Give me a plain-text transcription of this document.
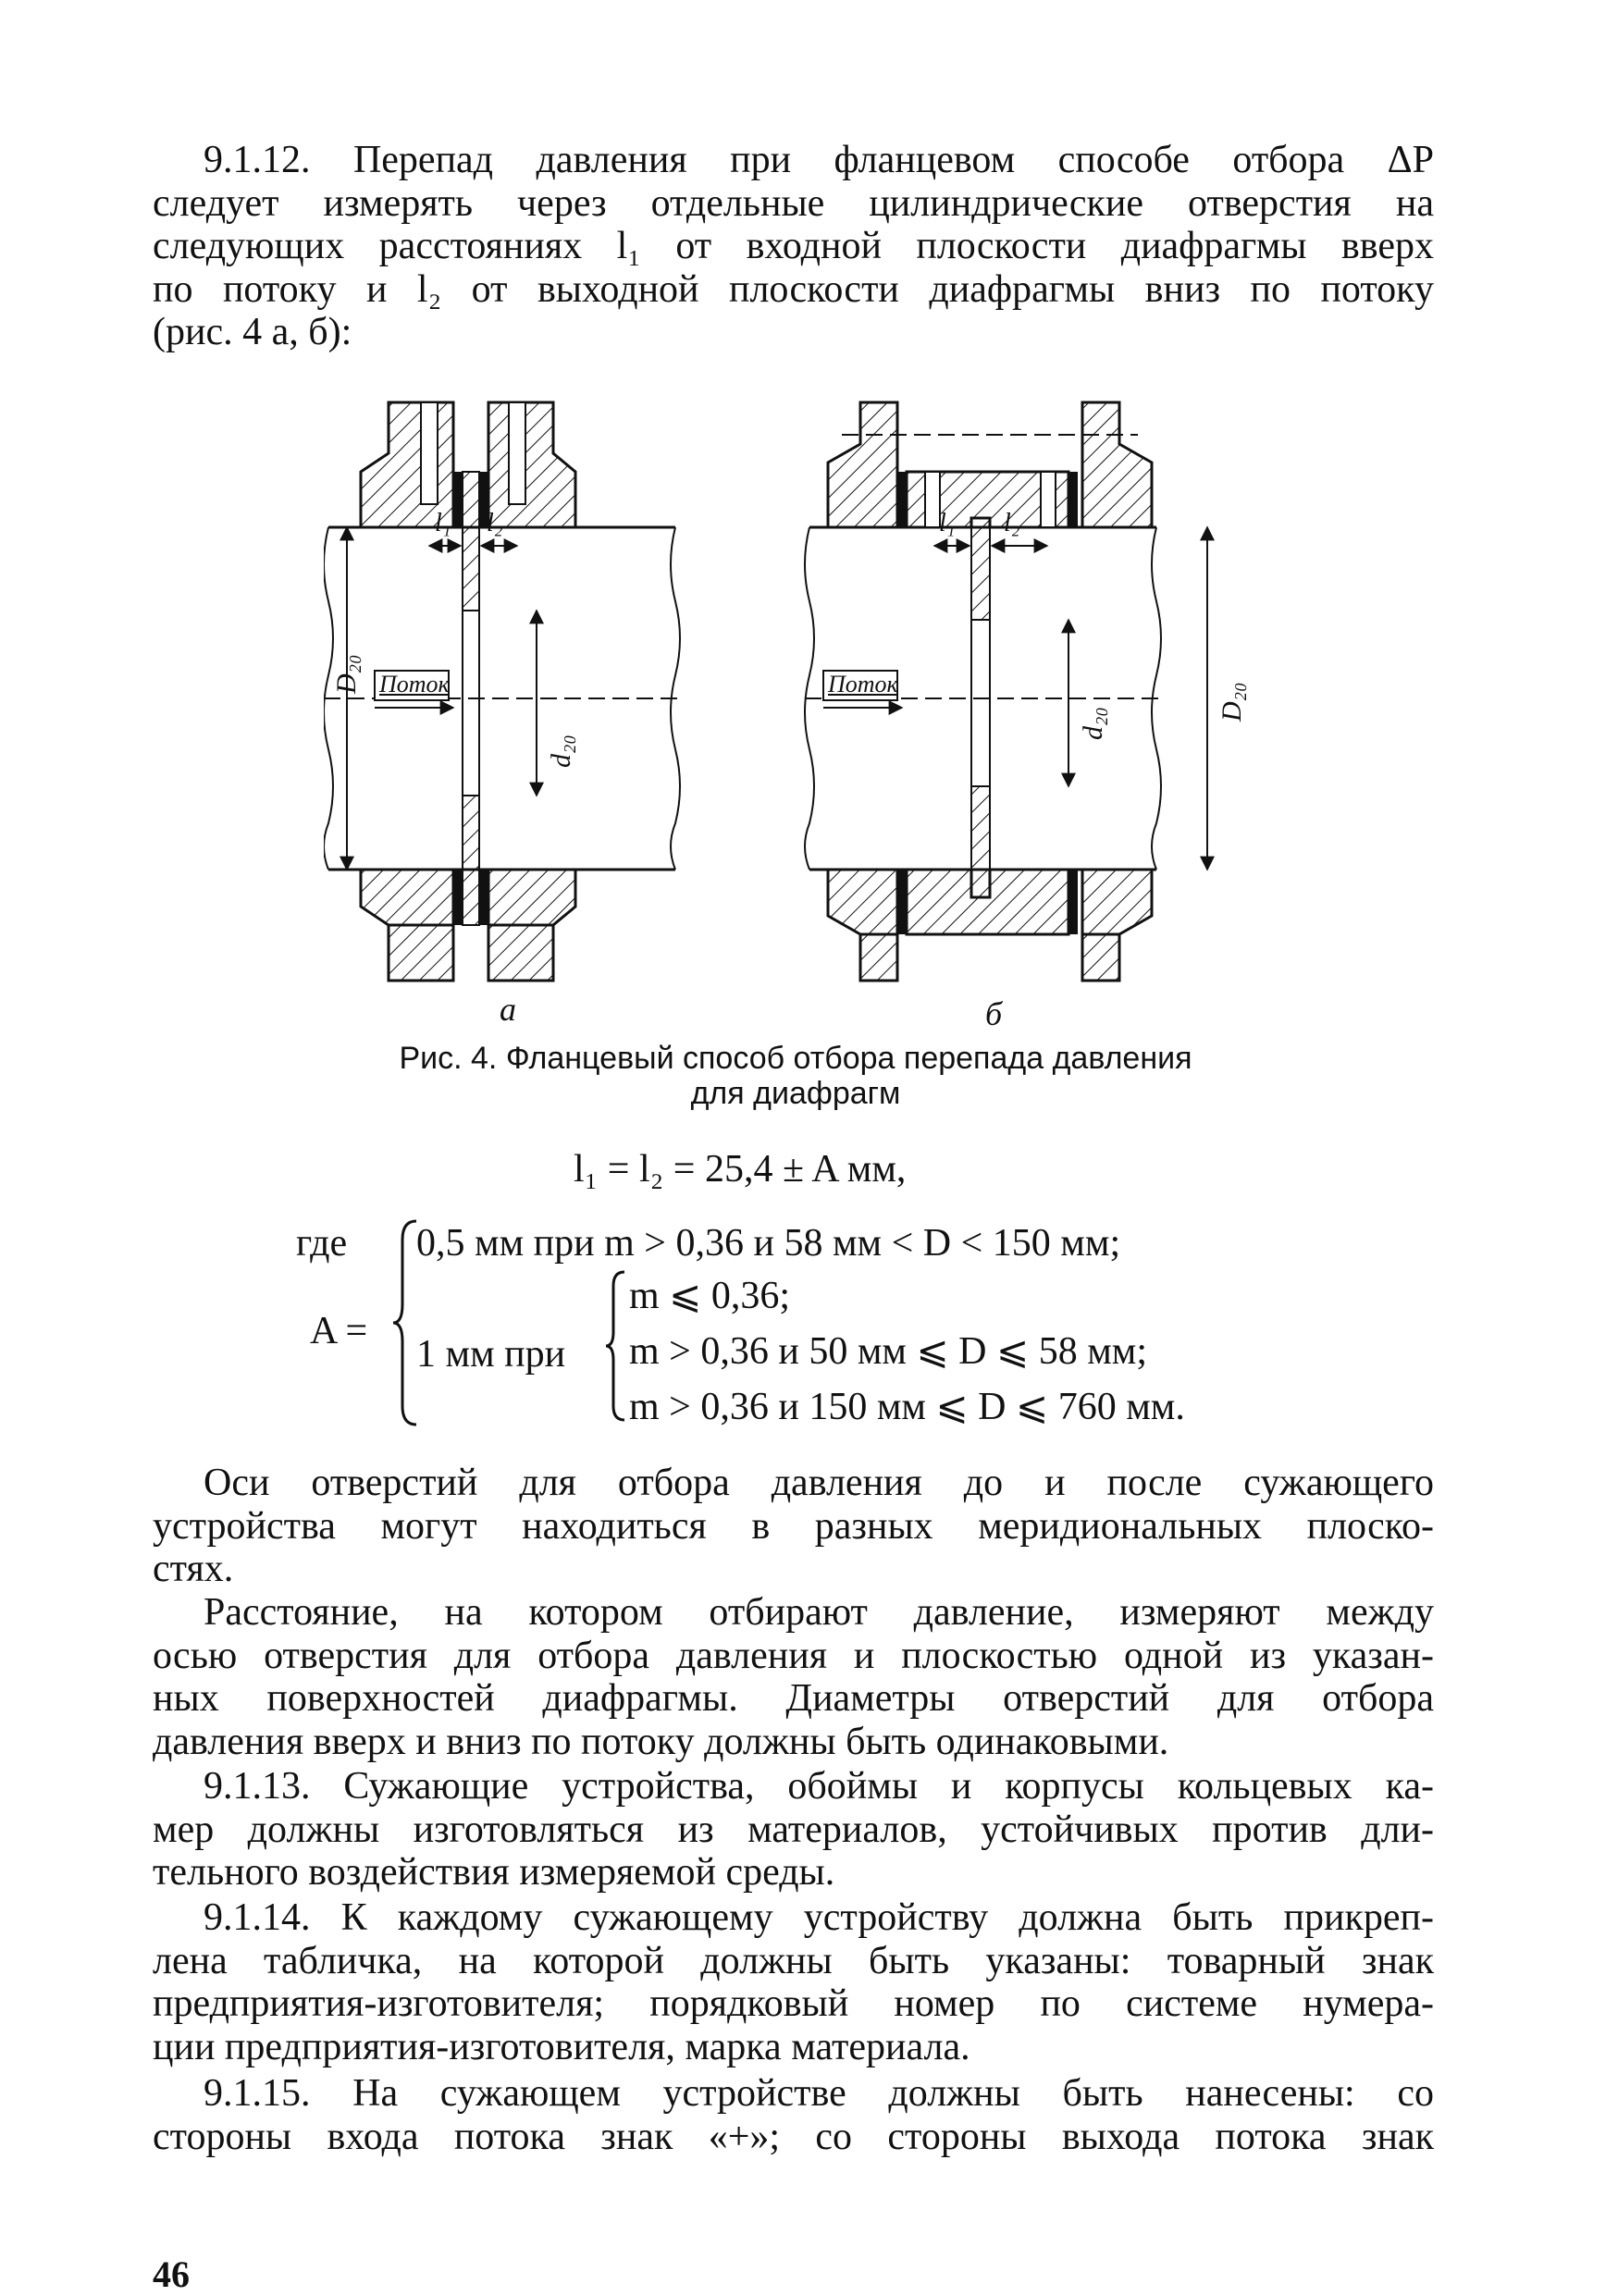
9.1.12. Перепад давления при фланцевом способе отбора ΔP
следует измерять через отдельные цилиндрические отверстия на
следующих расстояниях l₁ от входной плоскости диафрагмы вверх
по потоку и l₂ от выходной плоскости диафрагмы вниз по потоку
(рис. 4 а, б):
D₂₀
d₂₀
l₁ l₂
Поток
а
D₂₀
d₂₀
l₁ l₂
Поток
б
Рис. 4. Фланцевый способ отбора перепада давления
для диафрагм
l₁ = l₂ = 25,4 ± A мм,
где
A =
0,5 мм при m > 0,36 и 58 мм < D < 150 мм;
1 мм при
m ⩽ 0,36;
m > 0,36 и 50 мм ⩽ D ⩽ 58 мм;
m > 0,36 и 150 мм ⩽ D ⩽ 760 мм.
Оси отверстий для отбора давления до и после сужающего
устройства могут находиться в разных меридиональных плоско-
стях.
Расстояние, на котором отбирают давление, измеряют между
осью отверстия для отбора давления и плоскостью одной из указан-
ных поверхностей диафрагмы. Диаметры отверстий для отбора
давления вверх и вниз по потоку должны быть одинаковыми.
9.1.13. Сужающие устройства, обоймы и корпусы кольцевых ка-
мер должны изготовляться из материалов, устойчивых против дли-
тельного воздействия измеряемой среды.
9.1.14. К каждому сужающему устройству должна быть прикреп-
лена табличка, на которой должны быть указаны: товарный знак
предприятия-изготовителя; порядковый номер по системе нумера-
ции предприятия-изготовителя, марка материала.
9.1.15. На сужающем устройстве должны быть нанесены: со
стороны входа потока знак «+»; со стороны выхода потока знак
46
